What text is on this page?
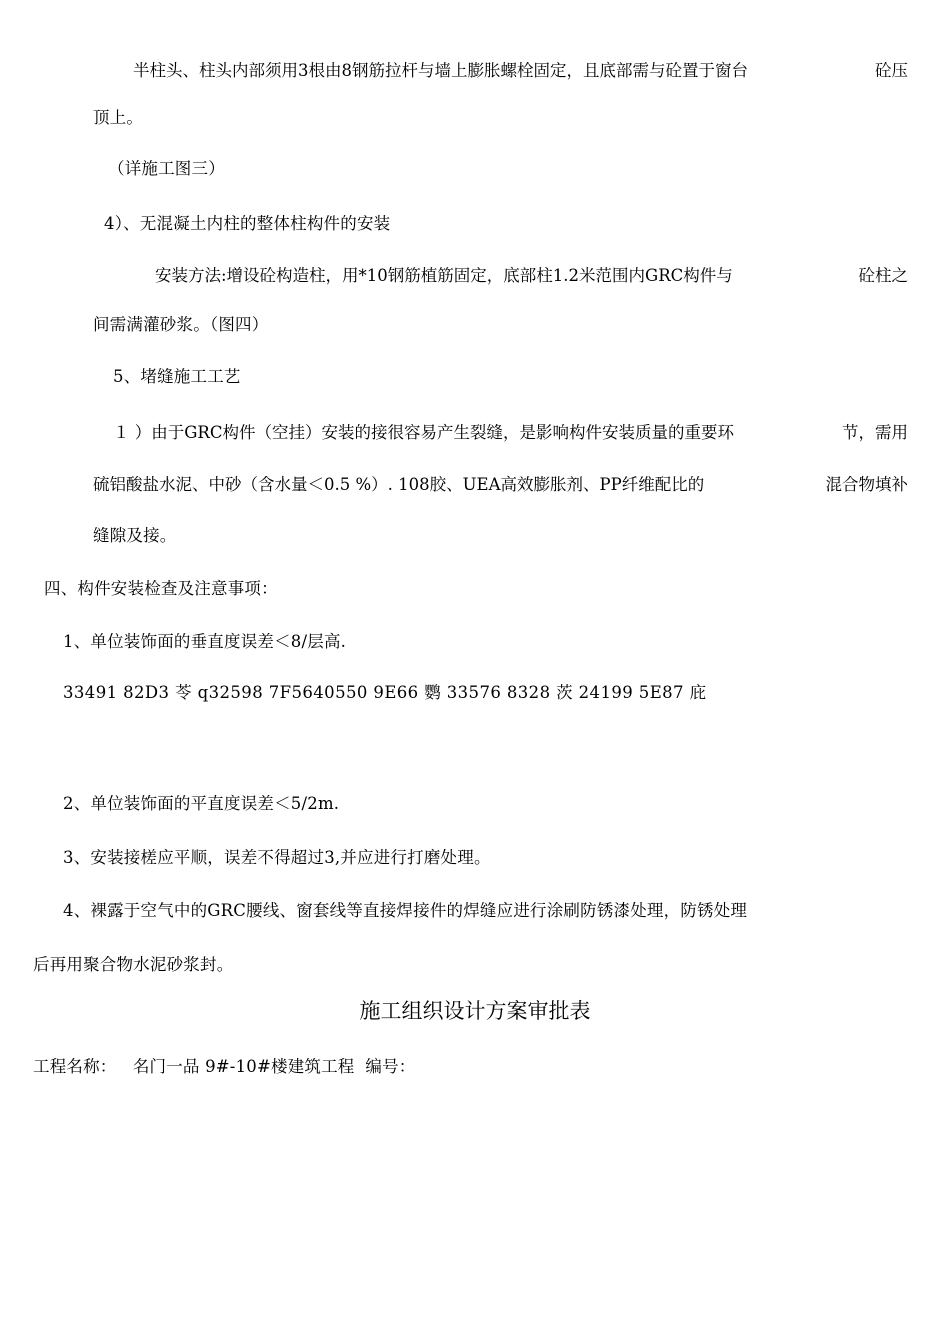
半柱头、柱头内部须用3根由8钢筋拉杆与墙上膨胀螺栓固定，且底部需与砼置于窗台	砼压
顶上。
（详施工图三）
4）、无混凝土内柱的整体柱构件的安装
安装方法:增设砼构造柱，用*10钢筋植筋固定，底部柱1.2米范围内GRC构件与	砼柱之
间需满灌砂浆。（图四）
5、堵缝施工工艺
１ ）由于GRC构件（空挂）安装的接很容易产生裂缝，是影响构件安装质量的重要环	节，需用
硫铝酸盐水泥、中砂（含水量＜0.5 %）. 108胶、UEA高效膨胀剂、PP纤维配比的	混合物填补
缝隙及接。
四、构件安装检查及注意事项：
1、单位装饰面的垂直度误差＜8/层高.
33491 82D3 苓 q32598 7F5640550 9E66 鹦 33576 8328 茨 24199 5E87 庇
2、单位装饰面的平直度误差＜5/2m.
3、安装接槎应平顺，误差不得超过3,并应进行打磨处理。
4、裸露于空气中的GRC腰线、窗套线等直接焊接件的焊缝应进行涂刷防锈漆处理，防锈处理
后再用聚合物水泥砂浆封。
施工组织设计方案审批表
工程名称：   名门一品 9#-10#楼建筑工程  编号：
